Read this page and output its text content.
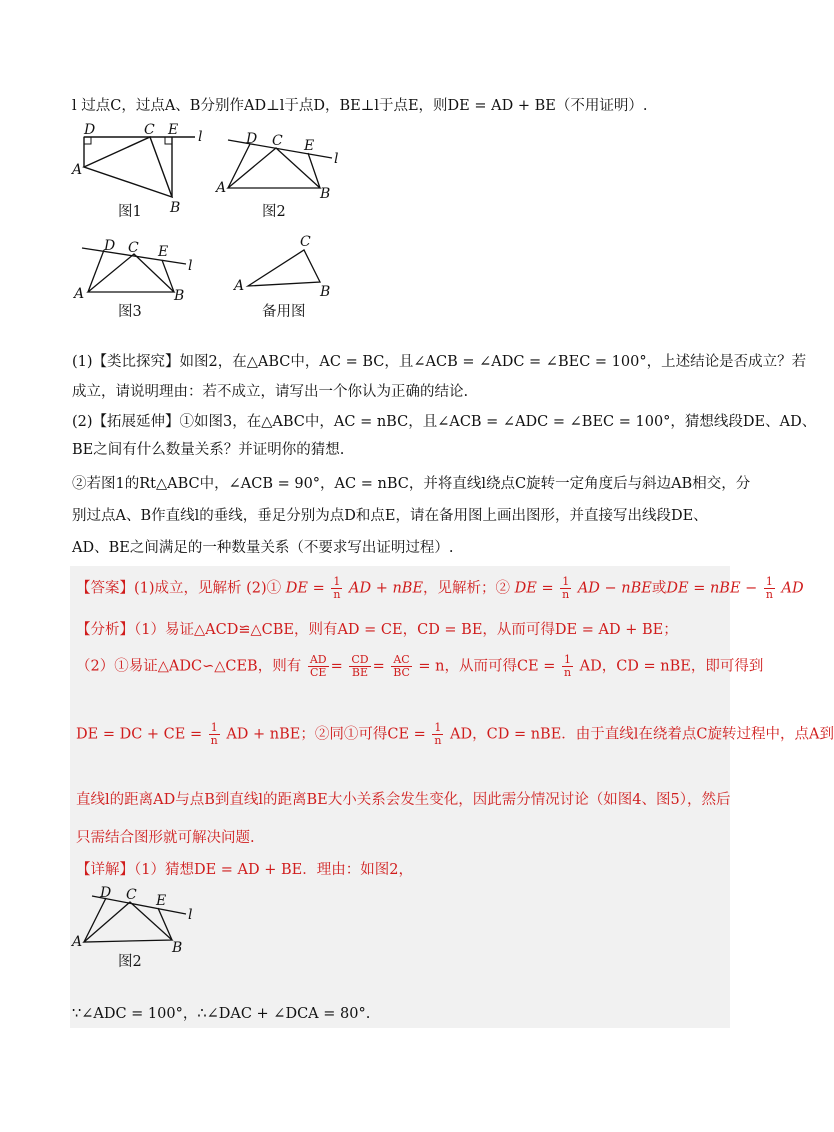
l 过点C，过点A、B分别作AD⊥l于点D，BE⊥l于点E，则DE = AD + BE（不用证明）.
D	C E l
A
B
图1
D C E
l
A	B
图2
D C E
l
A	B
图3
C
A	B
备用图
(1)【类比探究】如图2，在△ABC中，AC = BC，且∠ACB = ∠ADC = ∠BEC = 100°，上述结论是否成立？若
成立，请说明理由：若不成立，请写出一个你认为正确的结论.
(2)【拓展延伸】①如图3，在△ABC中，AC = nBC，且∠ACB = ∠ADC = ∠BEC = 100°，猜想线段DE、AD、
BE之间有什么数量关系？并证明你的猜想.
②若图1的Rt△ABC中，∠ACB = 90°，AC = nBC，并将直线l绕点C旋转一定角度后与斜边AB相交，分
别过点A、B作直线l的垂线，垂足分别为点D和点E，请在备用图上画出图形，并直接写出线段DE、
AD、BE之间满足的一种数量关系（不要求写出证明过程）.
【答案】(1)成立，见解析 (2)① DE = $\frac{1}{n}$ AD + nBE，见解析；② DE = $\frac{1}{n}$ AD − nBE或DE = nBE − $\frac{1}{n}$ AD
【分析】（1）易证△ACD≌△CBE，则有AD = CE，CD = BE，从而可得DE = AD + BE；
（2）①易证△ADC∽△CEB，则有 $\frac{AD}{CE} = \frac{CD}{BE} = \frac{AC}{BC} = n$，从而可得CE = $\frac{1}{n}$ AD，CD = nBE，即可得到
DE = DC + CE = $\frac{1}{n}$ AD + nBE；②同①可得CE = $\frac{1}{n}$ AD，CD = nBE．由于直线l在绕着点C旋转过程中，点A到
直线l的距离AD与点B到直线l的距离BE大小关系会发生变化，因此需分情况讨论（如图4、图5），然后
只需结合图形就可解决问题.
【详解】（1）猜想DE = AD + BE．理由：如图2，
D C E
l
A	B
图2
∵∠ADC = 100°，∴∠DAC + ∠DCA = 80°.
